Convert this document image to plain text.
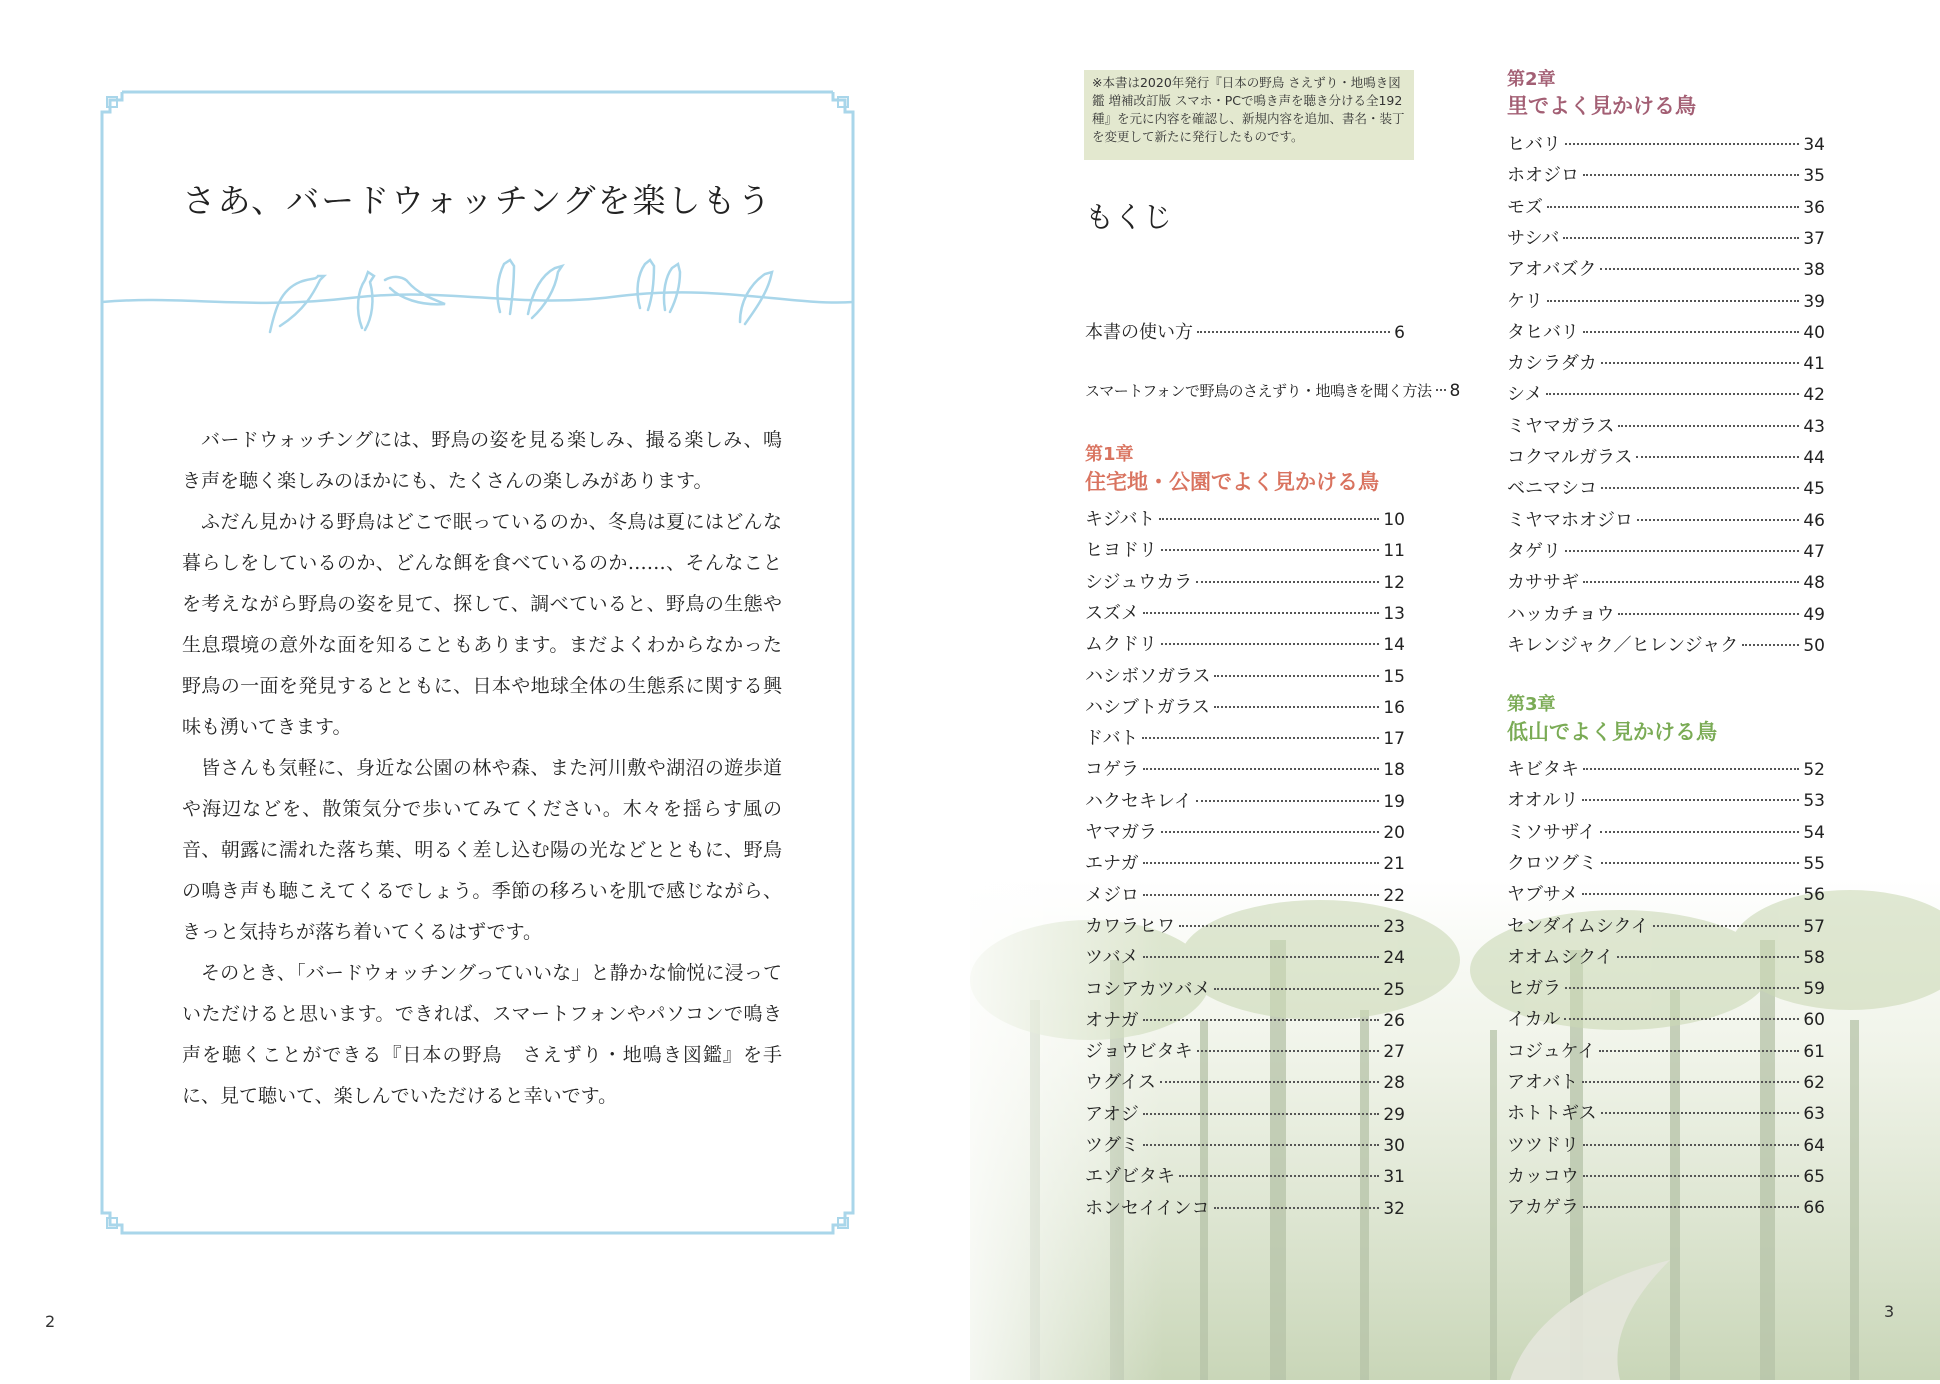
さあ、バードウォッチングを楽しもう

バードウォッチングには、野鳥の姿を見る楽しみ、撮る楽しみ、鳴き声を聴く楽しみのほかにも、たくさんの楽しみがあります。

ふだん見かける野鳥はどこで眠っているのか、冬鳥は夏にはどんな暮らしをしているのか、どんな餌を食べているのか……、そんなことを考えながら野鳥の姿を見て、探して、調べていると、野鳥の生態や生息環境の意外な面を知ることもあります。まだよくわからなかった野鳥の一面を発見するとともに、日本や地球全体の生態系に関する興味も湧いてきます。

皆さんも気軽に、身近な公園の林や森、また河川敷や湖沼の遊歩道や海辺などを、散策気分で歩いてみてください。木々を揺らす風の音、朝露に濡れた落ち葉、明るく差し込む陽の光などとともに、野鳥の鳴き声も聴こえてくるでしょう。季節の移ろいを肌で感じながら、きっと気持ちが落ち着いてくるはずです。

そのとき、「バードウォッチングっていいな」と静かな愉悦に浸っていただけると思います。できれば、スマートフォンやパソコンで鳴き声を聴くことができる『日本の野鳥　さえずり・地鳴き図鑑』を手に、見て聴いて、楽しんでいただけると幸いです。

2
※本書は2020年発行『日本の野鳥 さえずり・地鳴き図鑑 増補改訂版 スマホ・PCで鳴き声を聴き分ける全192種』を元に内容を確認し、新規内容を追加、書名・装丁を変更して新たに発行したものです。
もくじ
本書の使い方	6
スマートフォンで野鳥のさえずり・地鳴きを聞く方法 8
第1章
住宅地・公園でよく見かける鳥
第2章
里でよく見かける鳥
第3章
低山でよく見かける鳥
キジバト	10
ヒヨドリ	11
シジュウカラ	12
スズメ	13
ムクドリ	14
ハシボソガラス	15
ハシブトガラス	16
ドバト	17
コゲラ	18
ハクセキレイ	19
ヤマガラ	20
エナガ	21
メジロ	22
カワラヒワ	23
ツバメ	24
コシアカツバメ	25
オナガ	26
ジョウビタキ	27
ウグイス	28
アオジ	29
ツグミ	30
エゾビタキ	31
ホンセイインコ	32
ヒバリ	34
ホオジロ	35
モズ	36
サシバ	37
アオバズク	38
ケリ	39
タヒバリ	40
カシラダカ	41
シメ	42
ミヤマガラス	43
コクマルガラス	44
ベニマシコ	45
ミヤマホオジロ	46
タゲリ	47
カササギ	48
ハッカチョウ	49
キレンジャク／ヒレンジャク	50
キビタキ	52
オオルリ	53
ミソサザイ	54
クロツグミ	55
ヤブサメ	56
センダイムシクイ	57
オオムシクイ	58
ヒガラ	59
イカル	60
コジュケイ	61
アオバト	62
ホトトギス	63
ツツドリ	64
カッコウ	65
アカゲラ	66
3
